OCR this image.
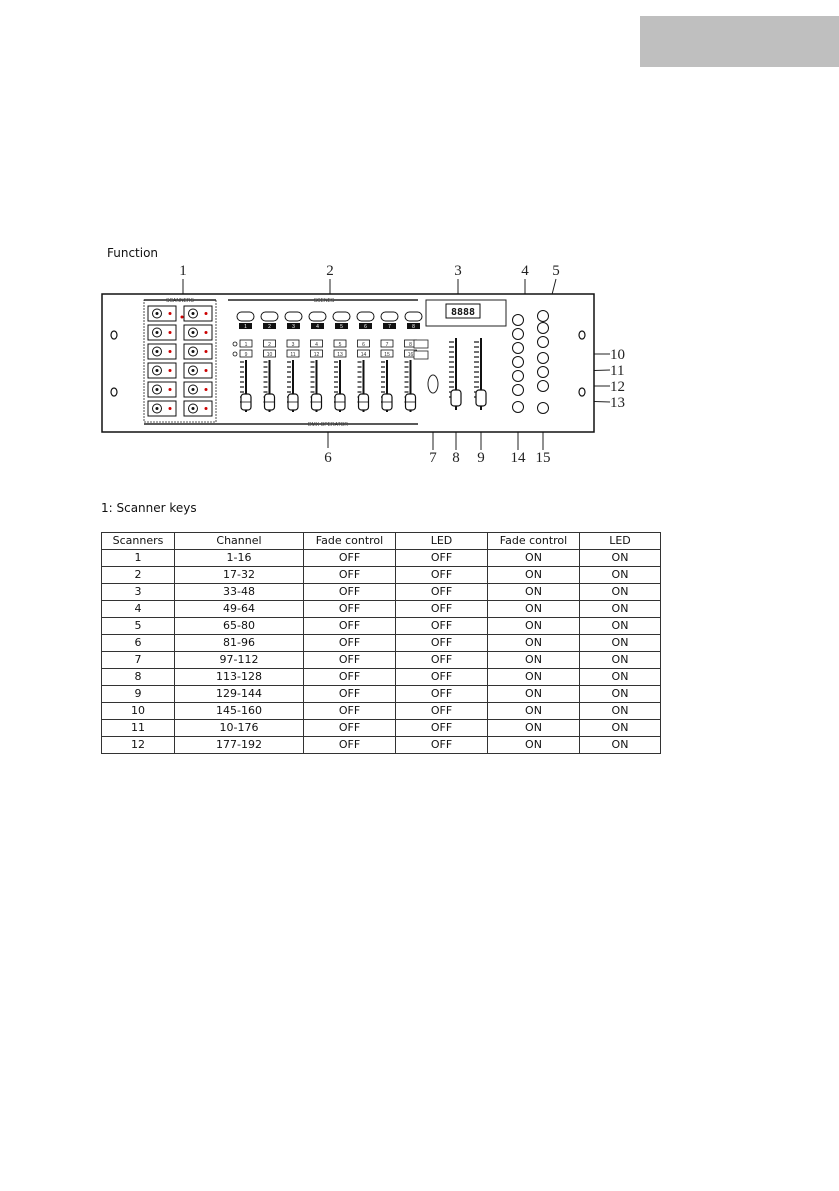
Function
1	2	3	4 5
6	7 8 9
10
11
12
13
14 15
SCANNERS	SCENES
1	2	3	4	5	6	7	8
1
9
2
10
3
11
4
12
5
13
6
14
7
15
8
16
8888
DMX OPERATOR
1: Scanner keys
Scanners	Channel	Fade control	LED	Fade control	LED
1	1-16	OFF	OFF	ON	ON
2	17-32	OFF	OFF	ON	ON
3	33-48	OFF	OFF	ON	ON
4	49-64	OFF	OFF	ON	ON
5	65-80	OFF	OFF	ON	ON
6	81-96	OFF	OFF	ON	ON
7	97-112	OFF	OFF	ON	ON
8	113-128	OFF	OFF	ON	ON
9	129-144	OFF	OFF	ON	ON
10	145-160	OFF	OFF	ON	ON
11	10-176	OFF	OFF	ON	ON
12	177-192	OFF	OFF	ON	ON
